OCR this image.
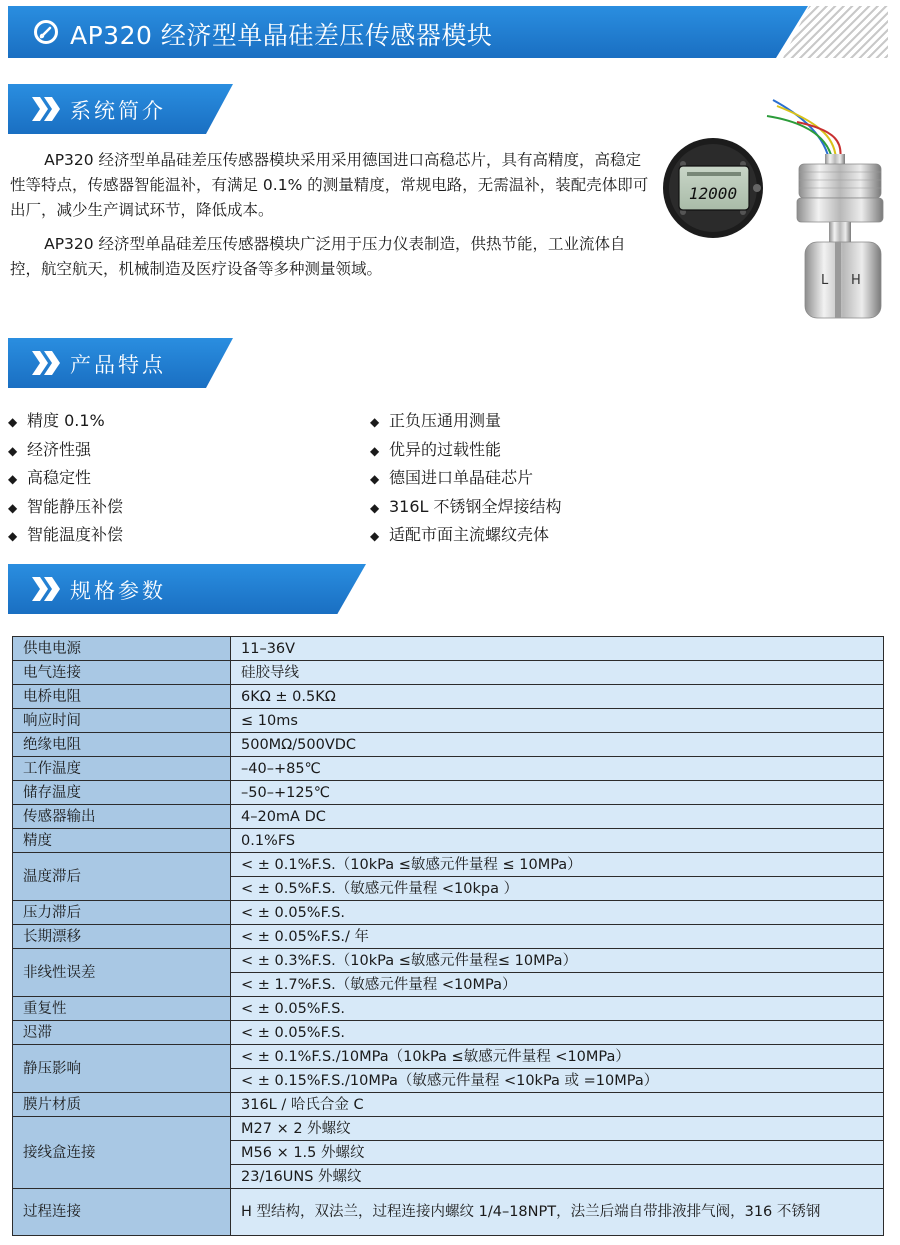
AP320 经济型单晶硅差压传感器模块
系统简介

AP320 经济型单晶硅差压传感器模块采用采用德国进口高稳芯片，具有高精度，高稳定性等特点，传感器智能温补，有满足 0.1% 的测量精度，常规电路，无需温补，装配壳体即可出厂，减少生产调试环节，降低成本。

AP320 经济型单晶硅差压传感器模块广泛用于压力仪表制造，供热节能，工业流体自控，航空航天，机械制造及医疗设备等多种测量领域。

L H
12000
产品特点
◆ 精度 0.1%
◆ 经济性强
◆ 高稳定性
◆ 智能静压补偿
◆ 智能温度补偿
◆ 正负压通用测量
◆ 优异的过载性能
◆ 德国进口单晶硅芯片
◆ 316L 不锈钢全焊接结构
◆ 适配市面主流螺纹壳体
规格参数
供电电源	11–36V
电气连接	硅胶导线
电桥电阻	6KΩ ± 0.5KΩ
响应时间	≤ 10ms
绝缘电阻	500MΩ/500VDC
工作温度	–40–+85℃
储存温度	–50–+125℃
传感器输出	4–20mA DC
精度	0.1%FS
温度滞后	< ± 0.1%F.S.（10kPa ≤敏感元件量程 ≤ 10MPa）
	< ± 0.5%F.S.（敏感元件量程 <10kpa ）
压力滞后	< ± 0.05%F.S.
长期漂移	< ± 0.05%F.S./ 年
非线性误差	< ± 0.3%F.S.（10kPa ≤敏感元件量程≤ 10MPa）
	< ± 1.7%F.S.（敏感元件量程 <10MPa）
重复性	< ± 0.05%F.S.
迟滞	< ± 0.05%F.S.
静压影响	< ± 0.1%F.S./10MPa（10kPa ≤敏感元件量程 <10MPa）
	< ± 0.15%F.S./10MPa（敏感元件量程 <10kPa 或 =10MPa）
膜片材质	316L / 哈氏合金 C
接线盒连接	M27 × 2 外螺纹
	M56 × 1.5 外螺纹
	23/16UNS 外螺纹
过程连接	H 型结构，双法兰，过程连接内螺纹 1/4–18NPT，法兰后端自带排液排气阀，316 不锈钢
